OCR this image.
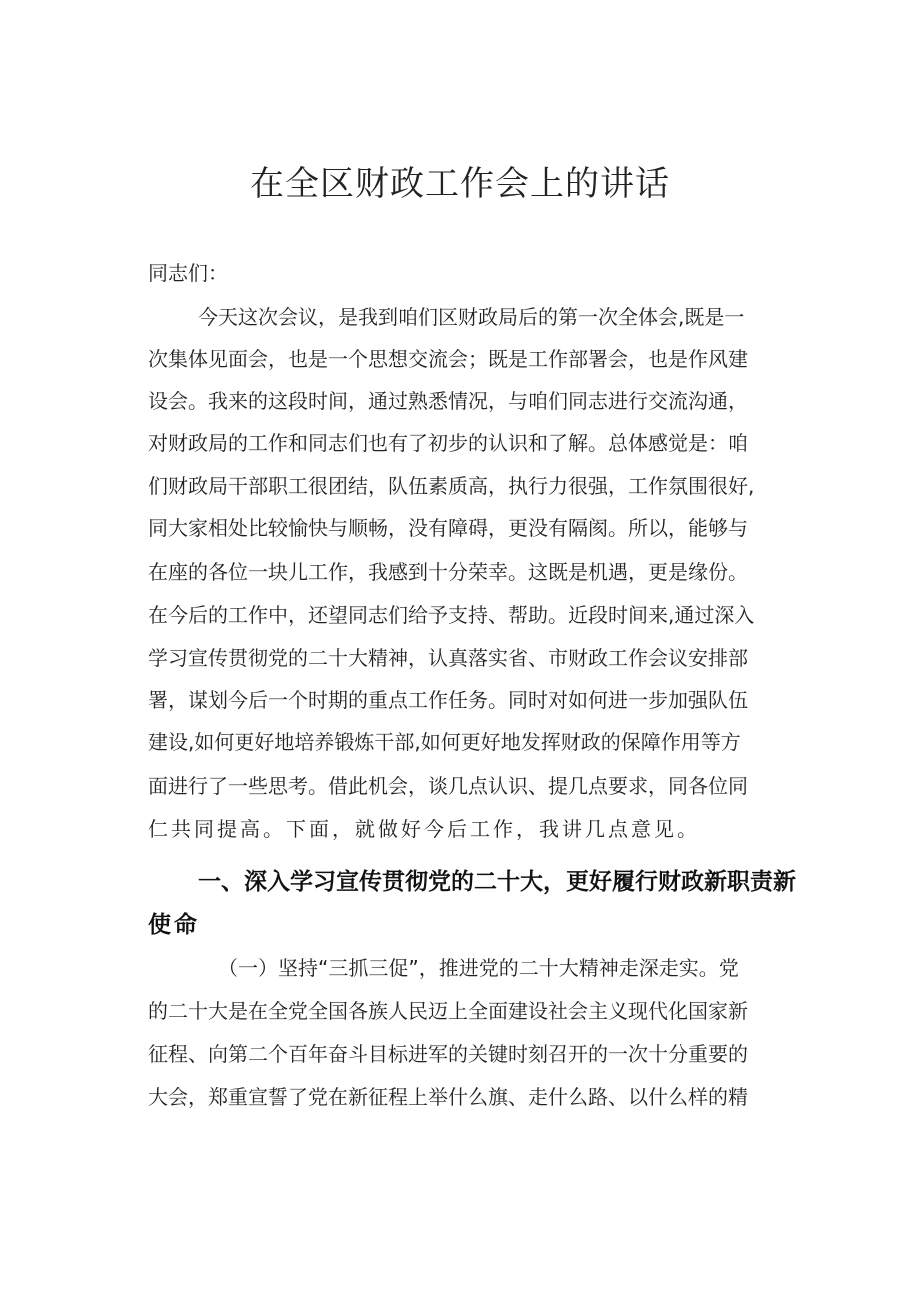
在全区财政工作会上的讲话
同志们：
今天这次会议，是我到咱们区财政局后的第一次全体会,既是一
次集体见面会，也是一个思想交流会；既是工作部署会，也是作风建
设会。我来的这段时间，通过熟悉情况，与咱们同志进行交流沟通，
对财政局的工作和同志们也有了初步的认识和了解。总体感觉是：咱
们财政局干部职工很团结，队伍素质高，执行力很强，工作氛围很好,
同大家相处比较愉快与顺畅，没有障碍，更没有隔阂。所以，能够与
在座的各位一块儿工作，我感到十分荣幸。这既是机遇，更是缘份。
在今后的工作中，还望同志们给予支持、帮助。近段时间来,通过深入
学习宣传贯彻党的二十大精神，认真落实省、市财政工作会议安排部
署，谋划今后一个时期的重点工作任务。同时对如何进一步加强队伍
建设,如何更好地培养锻炼干部,如何更好地发挥财政的保障作用等方
面进行了一些思考。借此机会，谈几点认识、提几点要求，同各位同
仁共同提高。下面，就做好今后工作，我讲几点意见。
一、深入学习宣传贯彻党的二十大，更好履行财政新职责新
使命
（一）坚持“三抓三促”，推进党的二十大精神走深走实。党
的二十大是在全党全国各族人民迈上全面建设社会主义现代化国家新
征程、向第二个百年奋斗目标进军的关键时刻召开的一次十分重要的
大会，郑重宣誓了党在新征程上举什么旗、走什么路、以什么样的精
